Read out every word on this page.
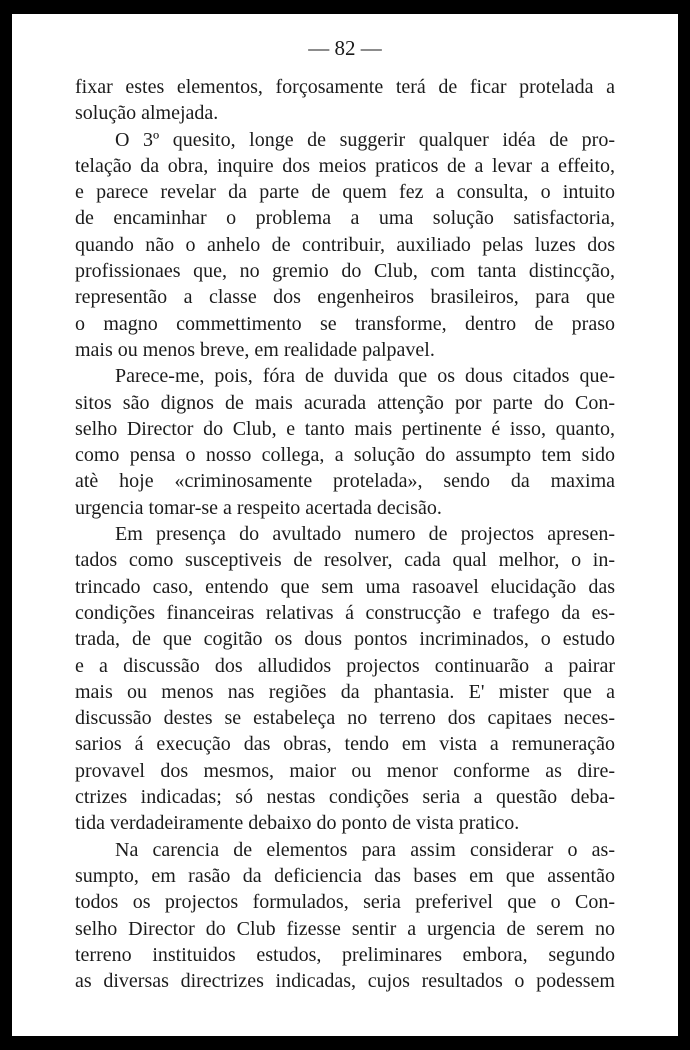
— 82 —
fixar estes elementos, forçosamente terá de ficar protelada a
solução almejada.
O 3º quesito, longe de suggerir qualquer idéa de pro-
telação da obra, inquire dos meios praticos de a levar a effeito,
e parece revelar da parte de quem fez a consulta, o intuito
de encaminhar o problema a uma solução satisfactoria,
quando não o anhelo de contribuir, auxiliado pelas luzes dos
profissionaes que, no gremio do Club, com tanta distincção,
representão a classe dos engenheiros brasileiros, para que
o magno commettimento se transforme, dentro de praso
mais ou menos breve, em realidade palpavel.
Parece-me, pois, fóra de duvida que os dous citados que-
sitos são dignos de mais acurada attenção por parte do Con-
selho Director do Club, e tanto mais pertinente é isso, quanto,
como pensa o nosso collega, a solução do assumpto tem sido
atè hoje «criminosamente protelada», sendo da maxima
urgencia tomar-se a respeito acertada decisão.
Em presença do avultado numero de projectos apresen-
tados como susceptiveis de resolver, cada qual melhor, o in-
trincado caso, entendo que sem uma rasoavel elucidação das
condições financeiras relativas á construcção e trafego da es-
trada, de que cogitão os dous pontos incriminados, o estudo
e a discussão dos alludidos projectos continuarão a pairar
mais ou menos nas regiões da phantasia. E' mister que a
discussão destes se estabeleça no terreno dos capitaes neces-
sarios á execução das obras, tendo em vista a remuneração
provavel dos mesmos, maior ou menor conforme as dire-
ctrizes indicadas; só nestas condições seria a questão deba-
tida verdadeiramente debaixo do ponto de vista pratico.
Na carencia de elementos para assim considerar o as-
sumpto, em rasão da deficiencia das bases em que assentão
todos os projectos formulados, seria preferivel que o Con-
selho Director do Club fizesse sentir a urgencia de serem no
terreno instituidos estudos, preliminares embora, segundo
as diversas directrizes indicadas, cujos resultados o podessem
